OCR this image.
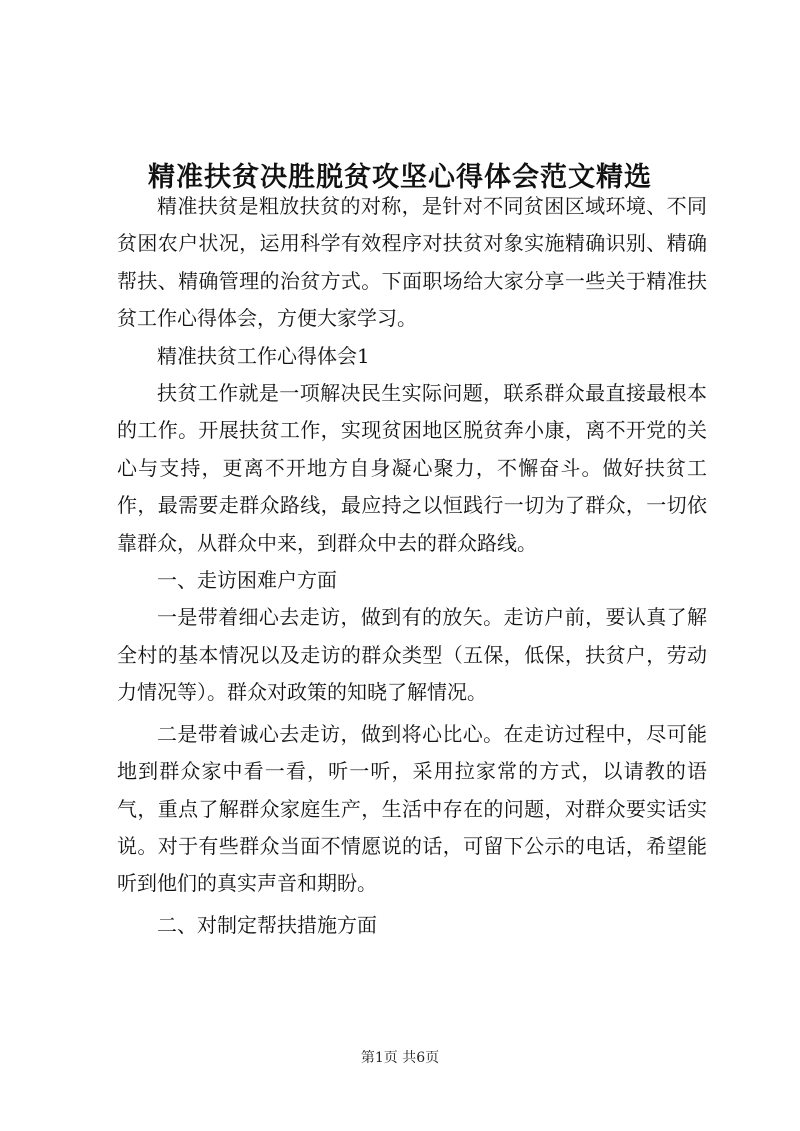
精准扶贫决胜脱贫攻坚心得体会范文精选

精准扶贫是粗放扶贫的对称，是针对不同贫困区域环境、不同贫困农户状况，运用科学有效程序对扶贫对象实施精确识别、精确帮扶、精确管理的治贫方式。下面职场给大家分享一些关于精准扶贫工作心得体会，方便大家学习。

精准扶贫工作心得体会1

扶贫工作就是一项解决民生实际问题，联系群众最直接最根本的工作。开展扶贫工作，实现贫困地区脱贫奔小康，离不开党的关心与支持，更离不开地方自身凝心聚力，不懈奋斗。做好扶贫工作，最需要走群众路线，最应持之以恒践行一切为了群众，一切依靠群众，从群众中来，到群众中去的群众路线。

一、走访困难户方面

一是带着细心去走访，做到有的放矢。走访户前，要认真了解全村的基本情况以及走访的群众类型（五保，低保，扶贫户，劳动力情况等）。群众对政策的知晓了解情况。

二是带着诚心去走访，做到将心比心。在走访过程中，尽可能地到群众家中看一看，听一听，采用拉家常的方式，以请教的语气，重点了解群众家庭生产，生活中存在的问题，对群众要实话实说。对于有些群众当面不情愿说的话，可留下公示的电话，希望能听到他们的真实声音和期盼。

二、对制定帮扶措施方面

第1页 共6页
